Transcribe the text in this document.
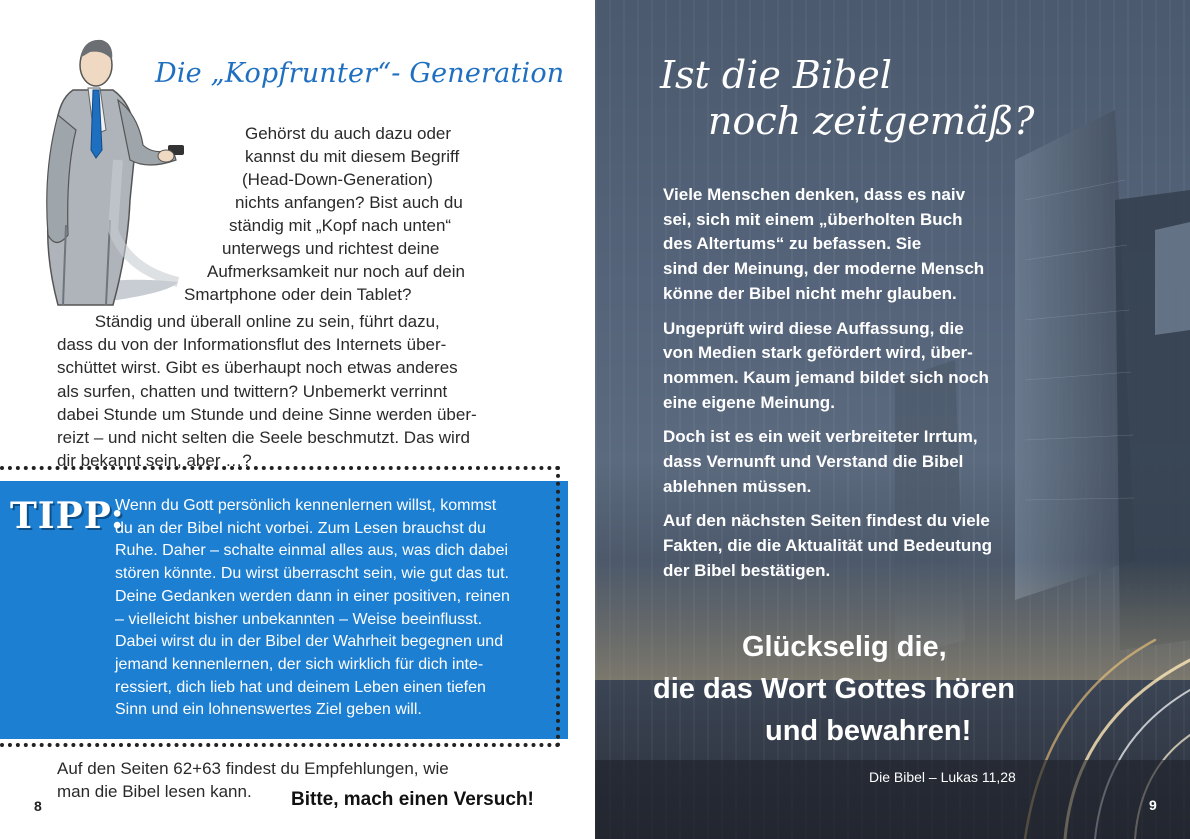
Die „Kopfrunter“- Generation
Gehörst du auch dazu oder
kannst du mit diesem Begriff
(Head-Down-Generation)
nichts anfangen? Bist auch du
ständig mit „Kopf nach unten“
unterwegs und richtest deine
Aufmerksamkeit nur noch auf dein
Smartphone oder dein Tablet?
Ständig und überall online zu sein, führt dazu,
dass du von der Informationsflut des Internets über-
schüttet wirst. Gibt es überhaupt noch etwas anderes
als surfen, chatten und twittern? Unbemerkt verrinnt
dabei Stunde um Stunde und deine Sinne werden über-
reizt – und nicht selten die Seele beschmutzt. Das wird
dir bekannt sein, aber …?
TIPP:
Wenn du Gott persönlich kennenlernen willst, kommst
du an der Bibel nicht vorbei. Zum Lesen brauchst du
Ruhe. Daher – schalte einmal alles aus, was dich dabei
stören könnte. Du wirst überrascht sein, wie gut das tut.
Deine Gedanken werden dann in einer positiven, reinen
– vielleicht bisher unbekannten – Weise beeinflusst.
Dabei wirst du in der Bibel der Wahrheit begegnen und
jemand kennenlernen, der sich wirklich für dich inte-
ressiert, dich lieb hat und deinem Leben einen tiefen
Sinn und ein lohnenswertes Ziel geben will.
Auf den Seiten 62+63 findest du Empfehlungen, wie
man die Bibel lesen kann.	Bitte, mach einen Versuch!

8
Ist die Bibel
noch zeitgemäß?
Viele Menschen denken, dass es naiv
sei, sich mit einem „überholten Buch
des Altertums“ zu befassen. Sie
sind der Meinung, der moderne Mensch
könne der Bibel nicht mehr glauben.
Ungeprüft wird diese Auffassung, die
von Medien stark gefördert wird, über-
nommen. Kaum jemand bildet sich noch
eine eigene Meinung.
Doch ist es ein weit verbreiteter Irrtum,
dass Vernunft und Verstand die Bibel
ablehnen müssen.
Auf den nächsten Seiten findest du viele
Fakten, die die Aktualität und Bedeutung
der Bibel bestätigen.
Glückselig die,
die das Wort Gottes hören
und bewahren!
Die Bibel – Lukas 11,28
9
